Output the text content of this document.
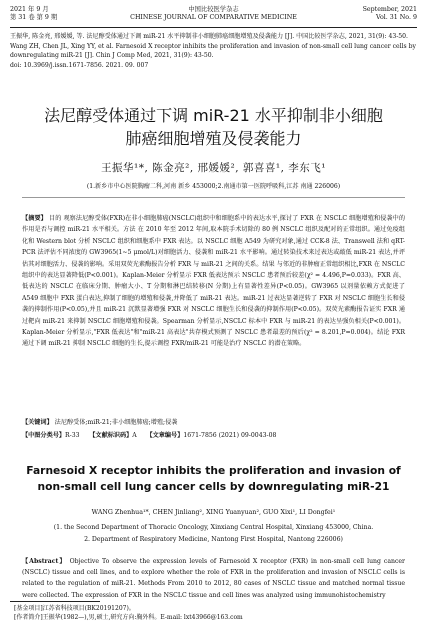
2021 年 9 月
第 31 卷 第 9 期
中国比较医学杂志
CHINESE JOURNAL OF COMPARATIVE MEDICINE
September, 2021
Vol. 31 No. 9
王振华, 陈金亮, 邢媛媛, 等. 法尼醇受体通过下调 miR-21 水平抑制非小细胞肺癌细胞增殖及侵袭能力 [J]. 中国比较医学杂志, 2021, 31(9): 43-50.
Wang ZH, Chen JL, Xing YY, et al. Farnesoid X receptor inhibits the proliferation and invasion of non-small cell lung cancer cells by downregulating miR-21 [J]. Chin J Comp Med, 2021, 31(9): 43-50.
doi: 10.3969/j.issn.1671-7856. 2021. 09. 007
法尼醇受体通过下调 miR-21 水平抑制非小细胞
肺癌细胞增殖及侵袭能力
王振华¹*, 陈金亮², 邢媛媛², 郭喜喜¹, 李东飞¹
(1.新乡市中心医院胸瘤二科,河南 新乡 453000;2.南通市第一医院呼吸科,江苏 南通 226006)
【摘要】 目的 观察法尼醇受体(FXR)在非小细胞肺癌(NSCLC)组织中和细胞系中的表达水平,探讨了 FXR 在 NSCLC 细胞增殖和侵袭中的作用是否与调控 miR-21 水平相关。方法 在 2010 年至 2012 年间,取本院手术切除的 80 例 NSCLC 组织及配对的正常组织。通过免疫组化和 Western blot 分析 NSCLC 组织和细胞系中 FXR 表达。以 NSCLC 细胞 A549 为研究对象,通过 CCK-8 法、Transwell 法和 qRT-PCR 法评估不同浓度的 GW3965(1~5 μmol/L)对细胞活力、侵袭和 miR-21 水平影响。通过转染技术来过表达或敲低 miR-21 表达,并评估其对细胞活力、侵袭的影响。采用双荧光素酶报告分析 FXR 与 miR-21 之间的关系。结果 与邻近的非肿瘤正常组织相比,FXR 在 NSCLC 组织中的表达显著降低(P<0.001)。Kaplan-Meier 分析显示 FXR 低表达预示 NSCLC 患者预后较差(χ² = 4.496,P=0.033)。FXR 高、低表达的 NSCLC 在临床分期、肿瘤大小、T 分期和淋巴结转移(N 分期)上有显著性差异(P<0.05)。GW3965 以剂量依赖方式促进了 A549 细胞中 FXR 蛋白表达,抑制了细胞的增殖和侵袭,并降低了 miR-21 表达。miR-21 过表达显著逆转了 FXR 对 NSCLC 细胞生长和侵袭的抑制作用(P<0.05),并且 miR-21 沉默显著增强 FXR 对 NSCLC 细胞生长和侵袭的抑制作用(P<0.05)。双荧光素酶报告证实 FXR 通过靶向 miR-21 来抑制 NSCLC 细胞增殖和侵袭。Spearman 分析显示,NSCLC 标本中 FXR 与 miR-21 的表达呈强负相关(P<0.001)。Kaplan-Meier 分析显示,"FXR 低表达"和"miR-21 高表达"共存模式预测了 NSCLC 患者最差的预后(χ² = 8.201,P=0.004)。结论 FXR 通过下调 miR-21 抑制 NSCLC 细胞的生长,提示调控 FXR/miR-21 可能是治疗 NSCLC 的潜在策略。
【关键词】 法尼醇受体;miR-21;非小细胞肺癌;增殖;侵袭
【中图分类号】R-33 【文献标识码】A 【文章编号】1671-7856 (2021) 09-0043-08
Farnesoid X receptor inhibits the proliferation and invasion of
non-small cell lung cancer cells by downregulating miR-21
WANG Zhenhua¹*, CHEN Jinliang², XING Yuanyuan², GUO Xixi¹, LI Dongfei¹
(1. the Second Department of Thoracic Oncology, Xinxiang Central Hospital, Xinxiang 453000, China.
2. Department of Respiratory Medicine, Nantong First Hospital, Nantong 226006)
【Abstract】 Objective To observe the expression levels of Farnesoid X receptor (FXR) in non-small cell lung cancer (NSCLC) tissue and cell lines, and to explore whether the role of FXR in the proliferation and invasion of NSCLC cells is related to the regulation of miR-21. Methods From 2010 to 2012, 80 cases of NSCLC tissue and matched normal tissue were collected. The expression of FXR in the NSCLC tissue and cell lines was analyzed using immunohistochemistry
[基金项目]江苏省科技项目(BK20191207)。
[作者简介]王振华(1982—),男,硕士,研究方向:胸外科。E-mail: lxt43966@163.com
